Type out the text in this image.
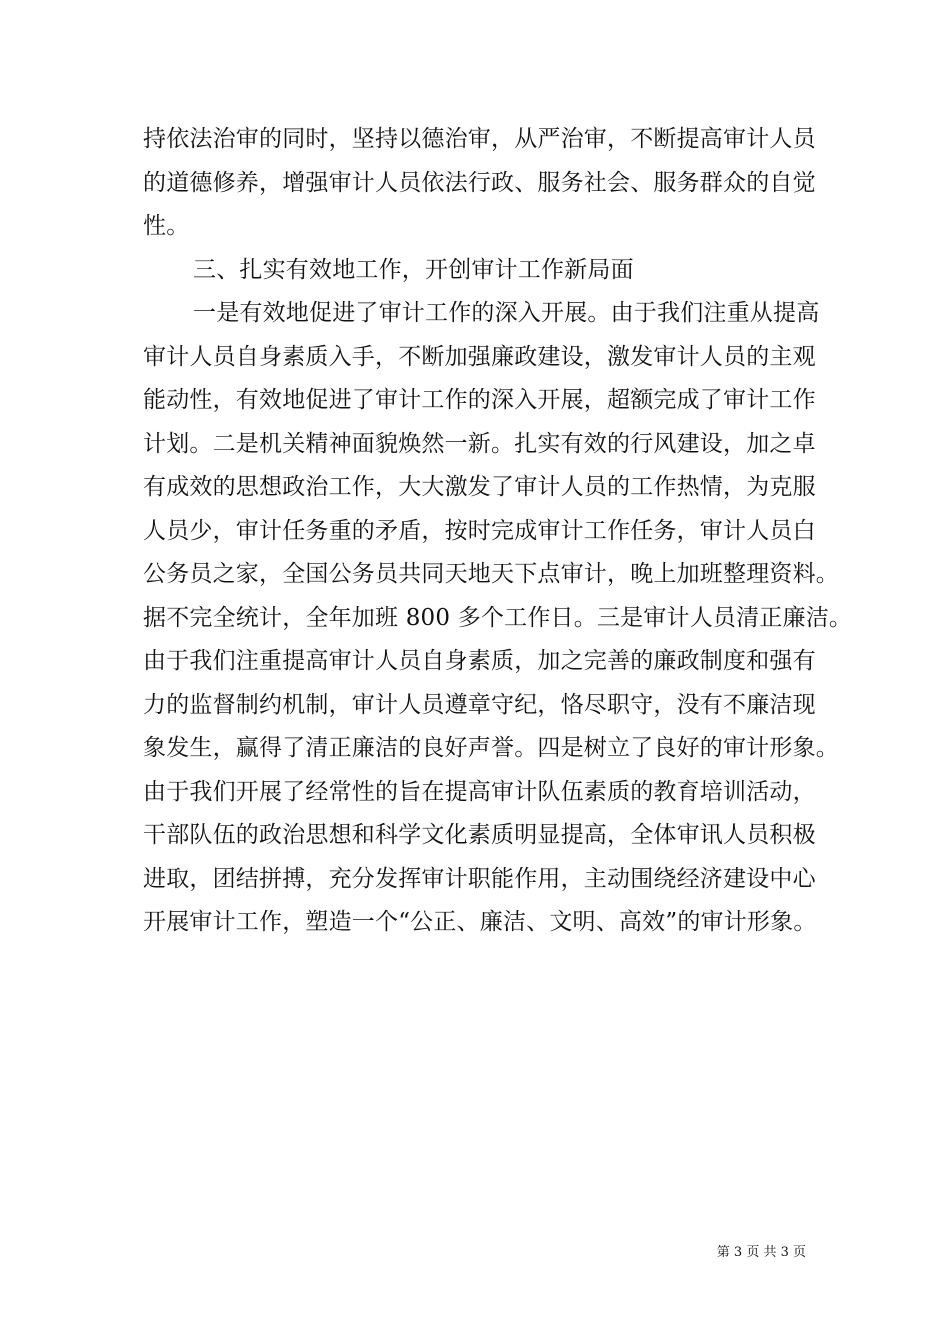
持依法治审的同时，坚持以德治审，从严治审，不断提高审计人员
的道德修养，增强审计人员依法行政、服务社会、服务群众的自觉
性。
三、扎实有效地工作，开创审计工作新局面
一是有效地促进了审计工作的深入开展。由于我们注重从提高
审计人员自身素质入手，不断加强廉政建设，激发审计人员的主观
能动性，有效地促进了审计工作的深入开展，超额完成了审计工作
计划。二是机关精神面貌焕然一新。扎实有效的行风建设，加之卓
有成效的思想政治工作，大大激发了审计人员的工作热情，为克服
人员少，审计任务重的矛盾，按时完成审计工作任务，审计人员白
公务员之家，全国公务员共同天地天下点审计，晚上加班整理资料。
据不完全统计，全年加班 800 多个工作日。三是审计人员清正廉洁。
由于我们注重提高审计人员自身素质，加之完善的廉政制度和强有
力的监督制约机制，审计人员遵章守纪，恪尽职守，没有不廉洁现
象发生，赢得了清正廉洁的良好声誉。四是树立了良好的审计形象。
由于我们开展了经常性的旨在提高审计队伍素质的教育培训活动，
干部队伍的政治思想和科学文化素质明显提高，全体审讯人员积极
进取，团结拼搏，充分发挥审计职能作用，主动围绕经济建设中心
开展审计工作，塑造一个“公正、廉洁、文明、高效”的审计形象。
第 3 页 共 3 页
